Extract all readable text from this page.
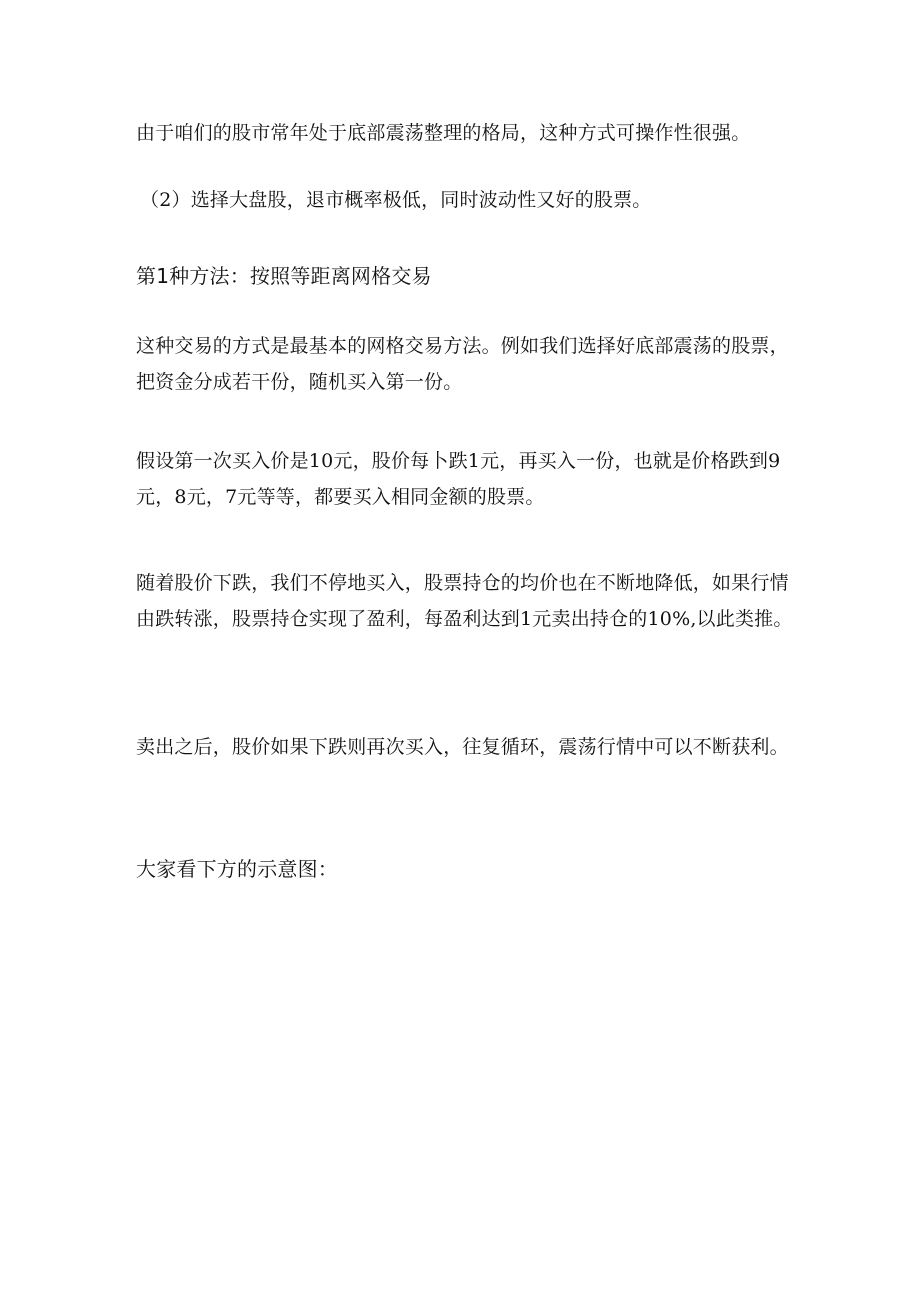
由于咱们的股市常年处于底部震荡整理的格局，这种方式可操作性很强。

（2）选择大盘股，退市概率极低，同时波动性又好的股票。

第1种方法：按照等距离网格交易

这种交易的方式是最基本的网格交易方法。例如我们选择好底部震荡的股票，把资金分成若干份，随机买入第一份。

假设第一次买入价是10元，股价每卜跌1元，再买入一份，也就是价格跌到9元，8元，7元等等，都要买入相同金额的股票。

随着股价下跌，我们不停地买入，股票持仓的均价也在不断地降低，如果行情由跌转涨，股票持仓实现了盈利，每盈利达到1元卖出持仓的10%,以此类推。

卖出之后，股价如果下跌则再次买入，往复循环，震荡行情中可以不断获利。

大家看下方的示意图：
